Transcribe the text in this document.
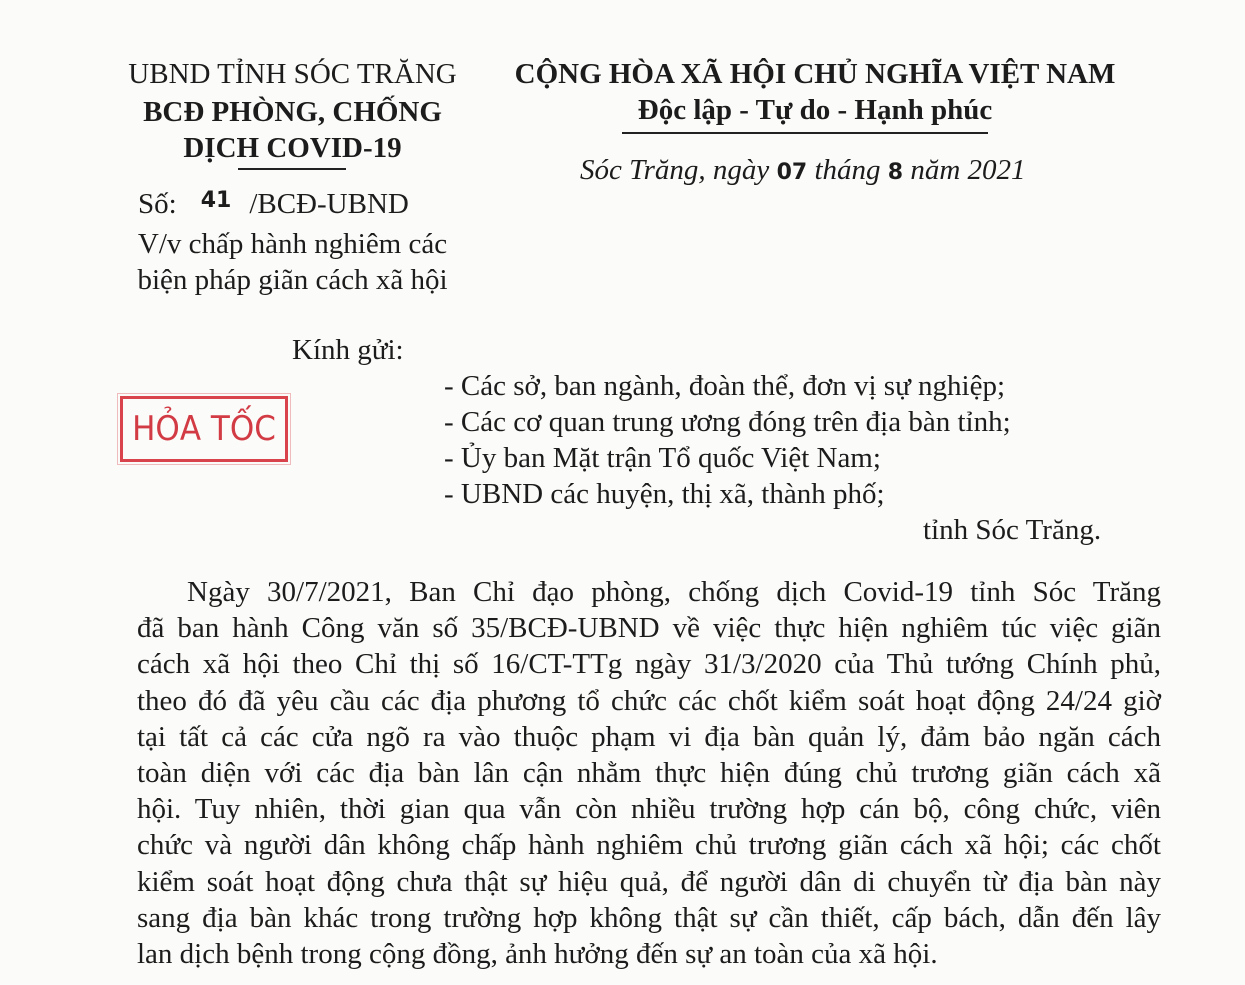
UBND TỈNH SÓC TRĂNG
BCĐ PHÒNG, CHỐNG
DỊCH COVID-19
Số: $^{41}$ /BCĐ-UBND
V/v chấp hành nghiêm các
biện pháp giãn cách xã hội
CỘNG HÒA XÃ HỘI CHỦ NGHĨA VIỆT NAM
Độc lập - Tự do - Hạnh phúc
Sóc Trăng, ngày 07 tháng 8 năm 2021
HỎA TỐC
Kính gửi:
- Các sở, ban ngành, đoàn thể, đơn vị sự nghiệp;
- Các cơ quan trung ương đóng trên địa bàn tỉnh;
- Ủy ban Mặt trận Tổ quốc Việt Nam;
- UBND các huyện, thị xã, thành phố;
tỉnh Sóc Trăng.
Ngày 30/7/2021, Ban Chỉ đạo phòng, chống dịch Covid-19 tỉnh Sóc Trăng
đã ban hành Công văn số 35/BCĐ-UBND về việc thực hiện nghiêm túc việc giãn
cách xã hội theo Chỉ thị số 16/CT-TTg ngày 31/3/2020 của Thủ tướng Chính phủ,
theo đó đã yêu cầu các địa phương tổ chức các chốt kiểm soát hoạt động 24/24 giờ
tại tất cả các cửa ngõ ra vào thuộc phạm vi địa bàn quản lý, đảm bảo ngăn cách
toàn diện với các địa bàn lân cận nhằm thực hiện đúng chủ trương giãn cách xã
hội. Tuy nhiên, thời gian qua vẫn còn nhiều trường hợp cán bộ, công chức, viên
chức và người dân không chấp hành nghiêm chủ trương giãn cách xã hội; các chốt
kiểm soát hoạt động chưa thật sự hiệu quả, để người dân di chuyển từ địa bàn này
sang địa bàn khác trong trường hợp không thật sự cần thiết, cấp bách, dẫn đến lây
lan dịch bệnh trong cộng đồng, ảnh hưởng đến sự an toàn của xã hội.
